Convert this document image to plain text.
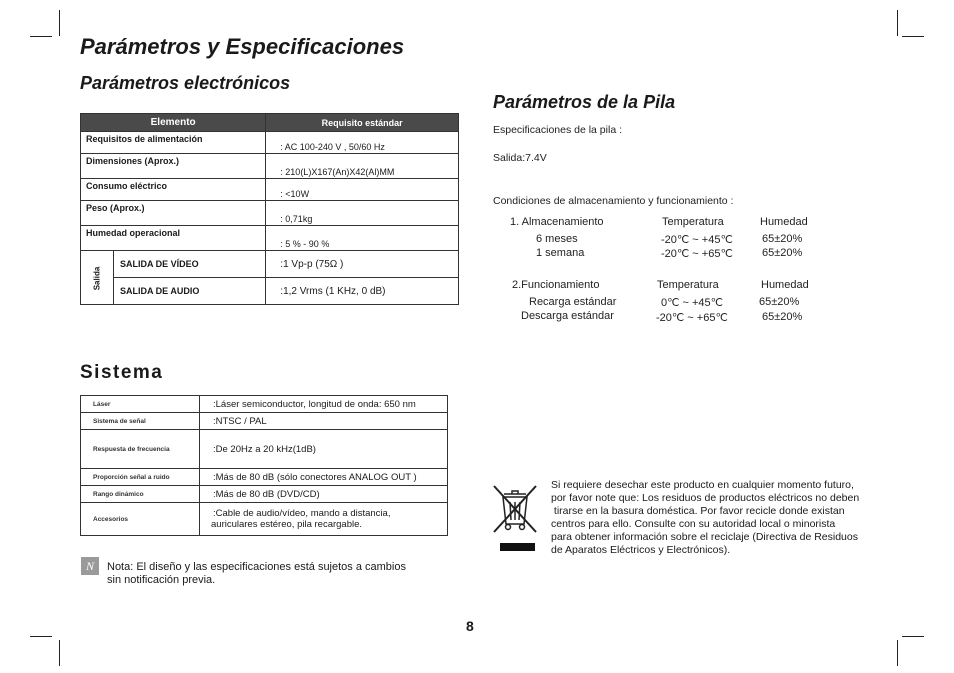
Parámetros y Especificaciones
Parámetros electrónicos
Elemento		Requisito estándar
Requisitos de alimentación		: AC 100-240 V , 50/60 Hz
Dimensiones (Aprox.)		: 210(L)X167(An)X42(Al)MM
Consumo eléctrico		: <10W
Peso (Aprox.)		: 0,71kg
Humedad operacional		: 5 % - 90 %
Salida	SALIDA DE VÍDEO	:1 Vp-p (75Ω )
	SALIDA DE AUDIO	:1,2 Vrms (1 KHz, 0 dB)
Sistema
Láser	:Láser semiconductor, longitud de onda: 650 nm
Sistema de señal	:NTSC / PAL
Respuesta de frecuencia	:De 20Hz a 20 kHz(1dB)
Proporción señal a ruido	:Más de 80 dB (sólo conectores ANALOG OUT )
Rango dinámico	:Más de 80 dB (DVD/CD)
Accesorios	:Cable de audio/vídeo, mando a distancia,
auriculares estéreo, pila recargable.
N	Nota: El diseño y las especificaciones está sujetos a cambios
sin notificación previa.

Parámetros de la Pila
Especificaciones de la pila :
Salida:7.4V
Condiciones de almacenamiento y funcionamiento :
1. Almacenamiento	Temperatura	Humedad
6 meses	-20℃ ~ +45℃	65±20%
1 semana	-20℃ ~ +65℃	65±20%
2.Funcionamiento	Temperatura	Humedad
Recarga estándar	0℃ ~ +45℃	65±20%
Descarga estándar	-20℃ ~ +65℃	65±20%

Si requiere desechar este producto en cualquier momento futuro,
por favor note que: Los residuos de productos eléctricos no deben
tirarse en la basura doméstica. Por favor recicle donde existan
centros para ello. Consulte con su autoridad local o minorista
para obtener información sobre el reciclaje (Directiva de Residuos
de Aparatos Eléctricos y Electrónicos).

8
